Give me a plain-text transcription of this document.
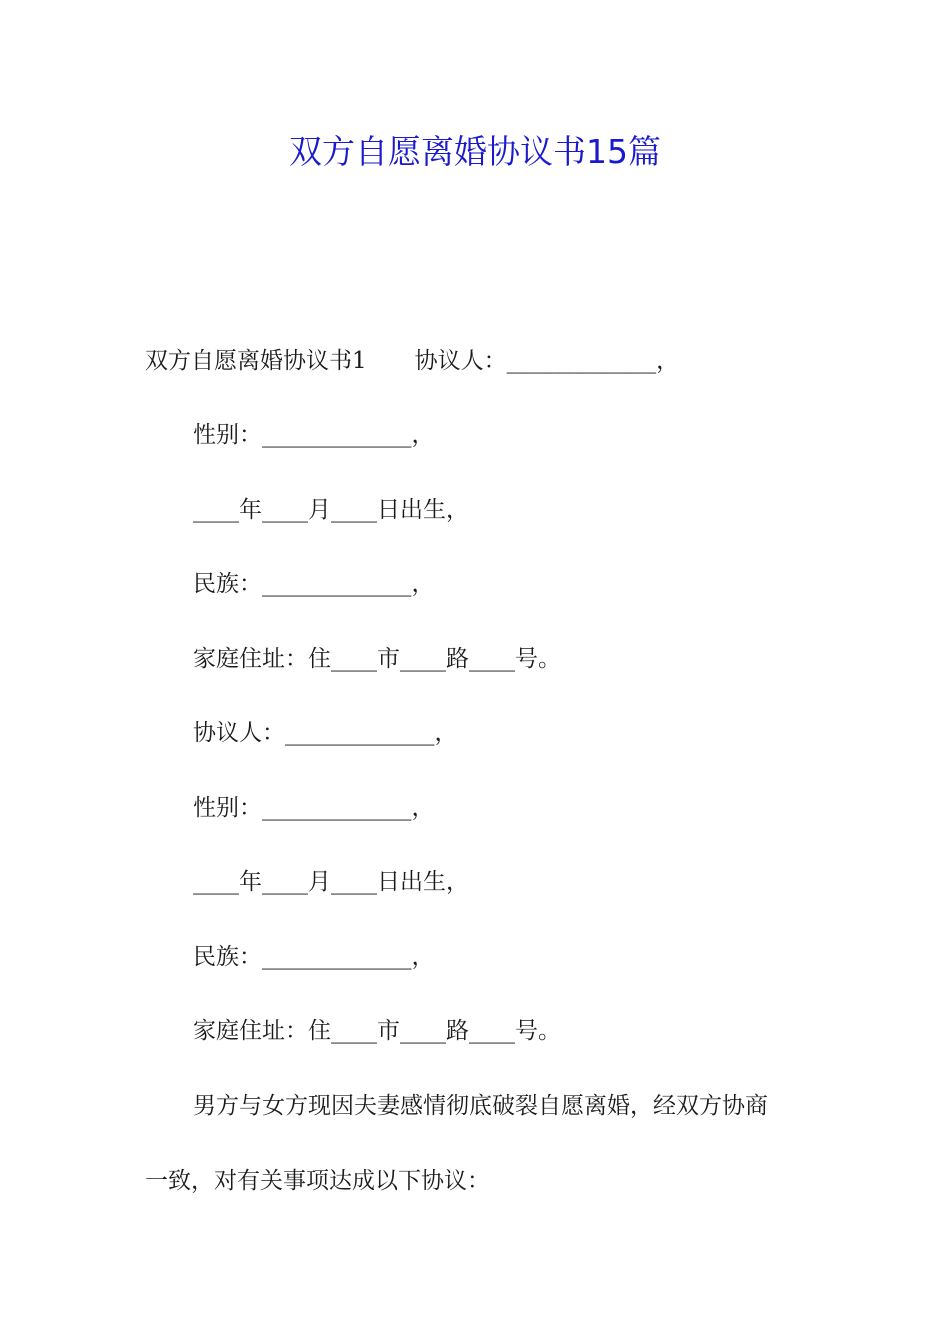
双方自愿离婚协议书15篇

双方自愿离婚协议书1 协议人：_____________，

性别：_____________，

____年____月____日出生，

民族：_____________，

家庭住址：住____市____路____号。

协议人：_____________，

性别：_____________，

____年____月____日出生，

民族：_____________，

家庭住址：住____市____路____号。

男方与女方现因夫妻感情彻底破裂自愿离婚，经双方协商

一致，对有关事项达成以下协议：
